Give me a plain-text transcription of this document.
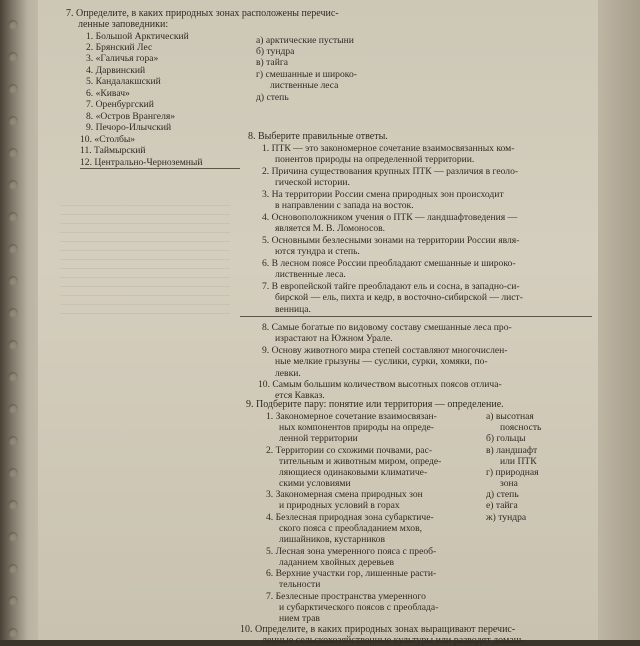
7. Определите, в каких природных зонах расположены перечис-
ленные заповедники:
1. Большой Арктический
2. Брянский Лес
3. «Галичья гора»
4. Дарвинский
5. Кандалакшский
6. «Кивач»
7. Оренбургский
8. «Остров Врангеля»
9. Печоро-Илычский
10. «Столбы»
11. Таймырский
12. Центрально-Черноземный
а) арктические пустыни
б) тундра
в) тайга
г) смешанные и широко-
лиственные леса
д) степь
8. Выберите правильные ответы.
1. ПТК — это закономерное сочетание взаимосвязанных ком-
понентов природы на определенной территории.
2. Причина существования крупных ПТК — различия в геоло-
гической истории.
3. На территории России смена природных зон происходит
в направлении с запада на восток.
4. Основоположником учения о ПТК — ландшафтоведения —
является М. В. Ломоносов.
5. Основными безлесными зонами на территории России явля-
ются тундра и степь.
6. В лесном поясе России преобладают смешанные и широко-
лиственные леса.
7. В европейской тайге преобладают ель и сосна, в западно-си-
бирской — ель, пихта и кедр, в восточно-сибирской — лист-
венница.
8. Самые богатые по видовому составу смешанные леса про-
израстают на Южном Урале.
9. Основу животного мира степей составляют многочислен-
ные мелкие грызуны — суслики, сурки, хомяки, по-
левки.
10. Самым большим количеством высотных поясов отлича-
ется Кавказ.
9. Подберите пару: понятие или территория — определение.
1. Закономерное сочетание взаимосвязан-
ных компонентов природы на опреде-
ленной территории
2. Территории со схожими почвами, рас-
тительным и животным миром, опреде-
ляющиеся одинаковыми климатиче-
скими условиями
3. Закономерная смена природных зон
и природных условий в горах
4. Безлесная природная зона субарктиче-
ского пояса с преобладанием мхов,
лишайников, кустарников
5. Лесная зона умеренного пояса с преоб-
ладанием хвойных деревьев
6. Верхние участки гор, лишенные расти-
тельности
7. Безлесные пространства умеренного
и субарктического поясов с преоблада-
нием трав
а) высотная
поясность
б) гольцы
в) ландшафт
или ПТК
г) природная
зона
д) степь
е) тайга
ж) тундра
10. Определите, в каких природных зонах выращивают перечис-
ленные сельскохозяйственные культуры или разводят домаш-
